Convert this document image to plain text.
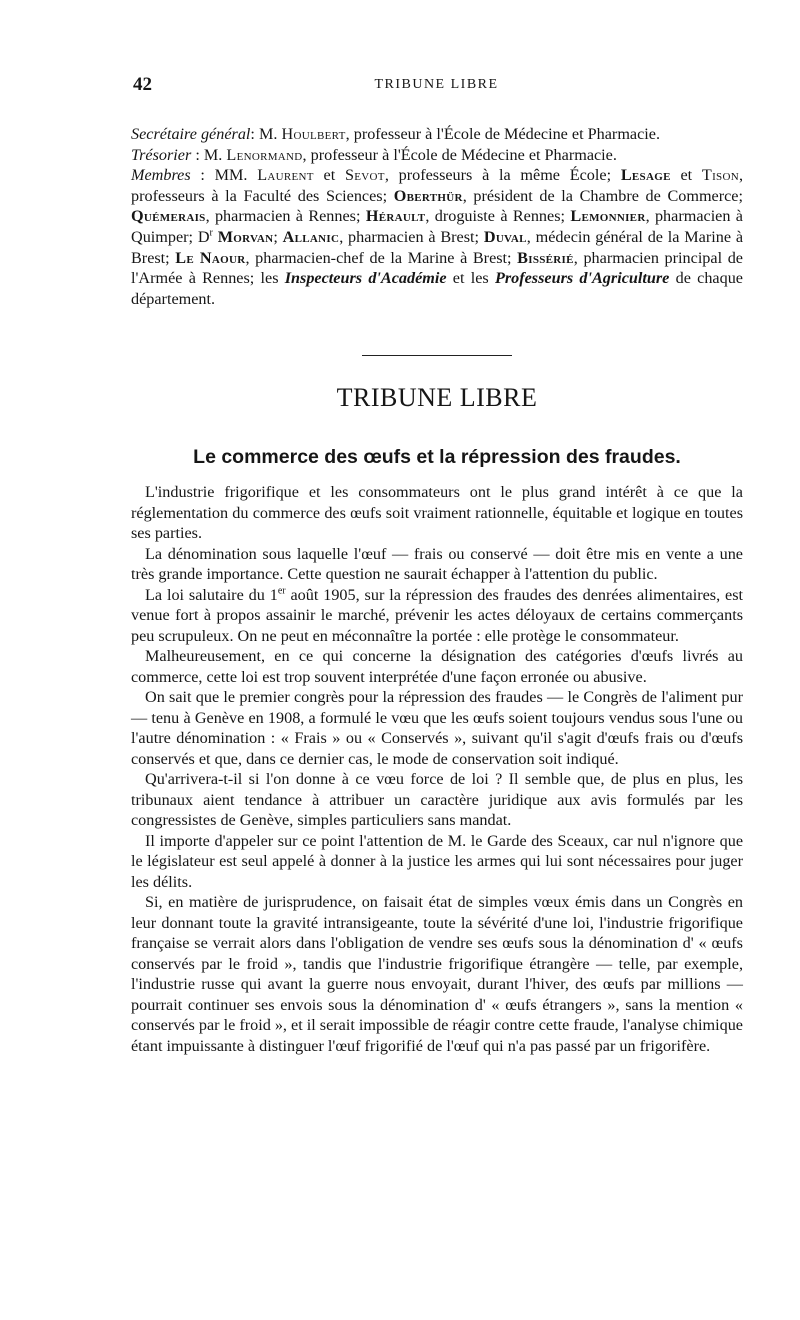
42	TRIBUNE LIBRE

Secrétaire général: M. Houlbert, professeur à l'École de Médecine et Pharmacie.

Trésorier : M. Lenormand, professeur à l'École de Médecine et Pharmacie.

Membres : MM. Laurent et Sevot, professeurs à la même École; Lesage et Tison, professeurs à la Faculté des Sciences; Oberthür, président de la Chambre de Commerce; Quémerais, pharmacien à Rennes; Hérault, droguiste à Rennes; Lemonnier, pharmacien à Quimper; $D^r$ Morvan; Allanic, pharmacien à Brest; Duval, médecin général de la Marine à Brest; Le Naour, pharmacien-chef de la Marine à Brest; Bissérié, pharmacien principal de l'Armée à Rennes; les Inspecteurs d'Académie et les Professeurs d'Agriculture de chaque département.

TRIBUNE LIBRE
Le commerce des œufs et la répression des fraudes.

L'industrie frigorifique et les consommateurs ont le plus grand intérêt à ce que la réglementation du commerce des œufs soit vraiment rationnelle, équitable et logique en toutes ses parties.

La dénomination sous laquelle l'œuf — frais ou conservé — doit être mis en vente a une très grande importance. Cette question ne saurait échapper à l'attention du public.

La loi salutaire du 1er août 1905, sur la répression des fraudes des denrées alimentaires, est venue fort à propos assainir le marché, prévenir les actes déloyaux de certains commerçants peu scrupuleux. On ne peut en méconnaître la portée : elle protège le consommateur.

Malheureusement, en ce qui concerne la désignation des catégories d'œufs livrés au commerce, cette loi est trop souvent interprétée d'une façon erronée ou abusive.

On sait que le premier congrès pour la répression des fraudes — le Congrès de l'aliment pur — tenu à Genève en 1908, a formulé le vœu que les œufs soient toujours vendus sous l'une ou l'autre dénomination : « Frais » ou « Conservés », suivant qu'il s'agit d'œufs frais ou d'œufs conservés et que, dans ce dernier cas, le mode de conservation soit indiqué.

Qu'arrivera-t-il si l'on donne à ce vœu force de loi ? Il semble que, de plus en plus, les tribunaux aient tendance à attribuer un caractère juridique aux avis formulés par les congressistes de Genève, simples particuliers sans mandat.

Il importe d'appeler sur ce point l'attention de M. le Garde des Sceaux, car nul n'ignore que le législateur est seul appelé à donner à la justice les armes qui lui sont nécessaires pour juger les délits.

Si, en matière de jurisprudence, on faisait état de simples vœux émis dans un Congrès en leur donnant toute la gravité intransigeante, toute la sévérité d'une loi, l'industrie frigorifique française se verrait alors dans l'obligation de vendre ses œufs sous la dénomination d' « œufs conservés par le froid », tandis que l'industrie frigorifique étrangère — telle, par exemple, l'industrie russe qui avant la guerre nous envoyait, durant l'hiver, des œufs par millions — pourrait continuer ses envois sous la dénomination d' « œufs étrangers », sans la mention « conservés par le froid », et il serait impossible de réagir contre cette fraude, l'analyse chimique étant impuissante à distinguer l'œuf frigorifié de l'œuf qui n'a pas passé par un frigorifère.
